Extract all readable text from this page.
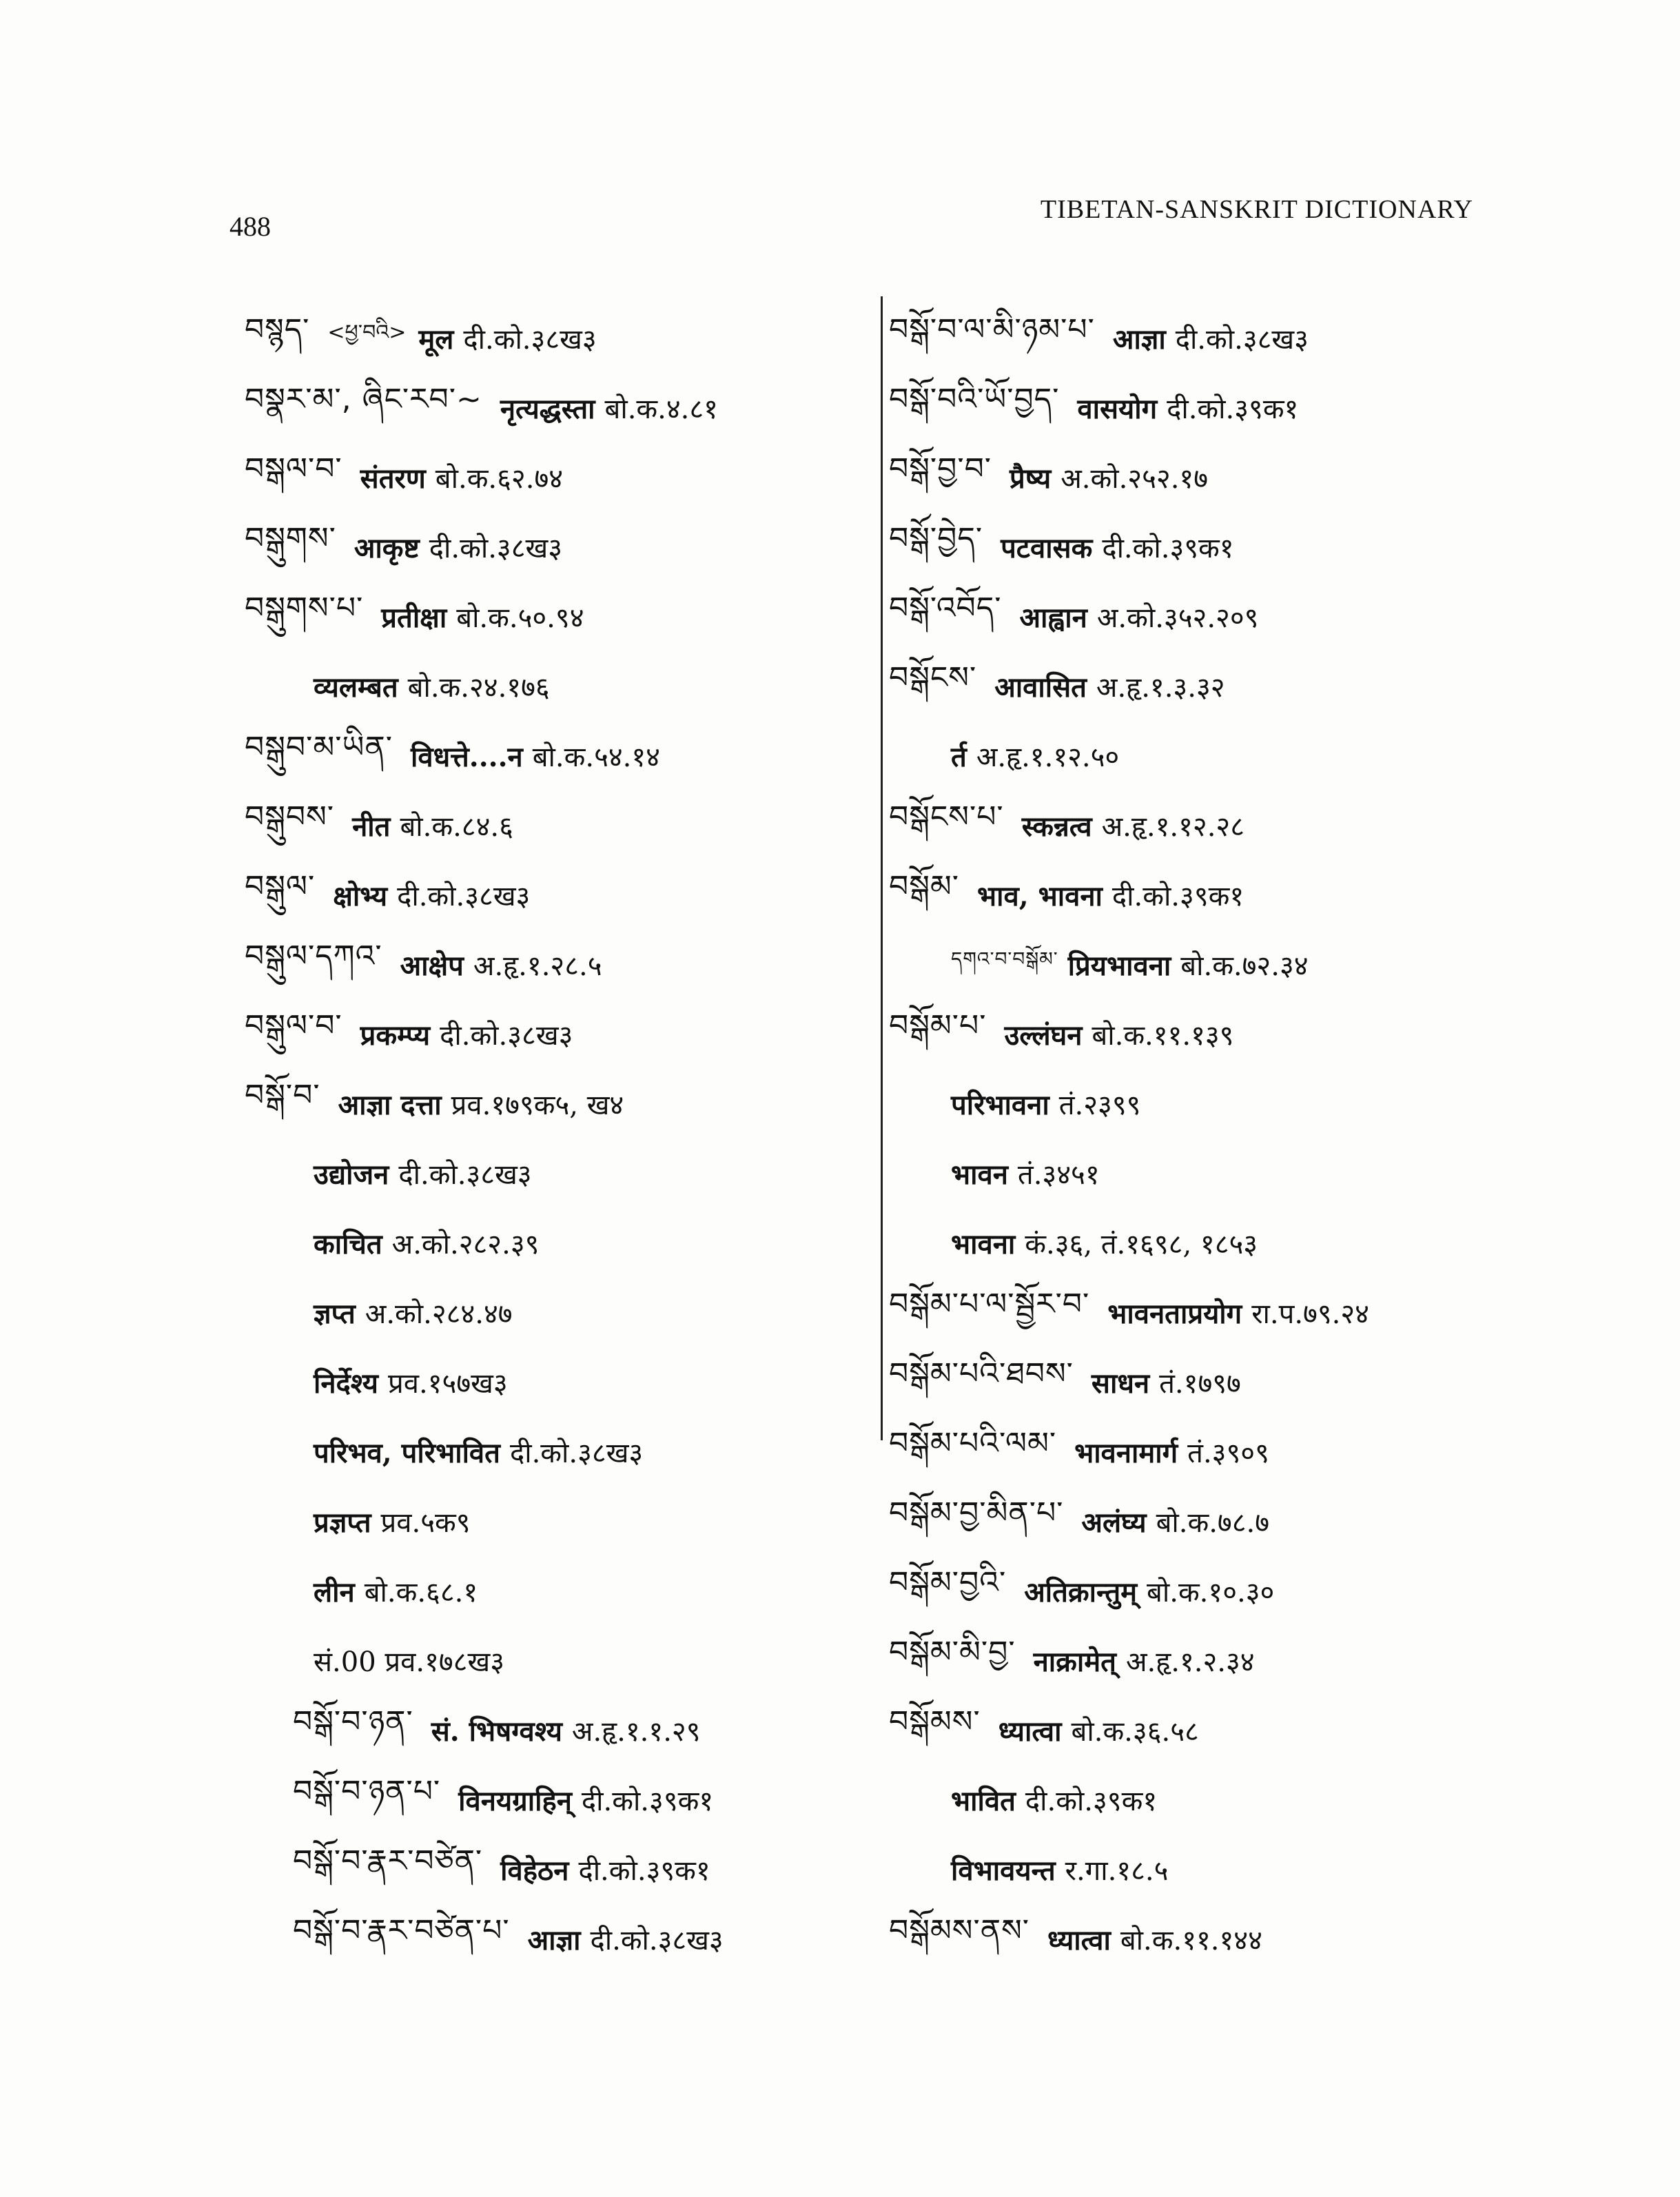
488
TIBETAN-SANSKRIT DICTIONARY
བསྙད་ <ཕྱ་བའི> मूल दी.को.३८ख३
བསྣར་མ་, ཞིང་རབ་~ नृत्यद्धस्ता बो.क.४.८१
བསྒལ་བ་ संतरण बो.क.६२.७४
བསྒུགས་ आकृष्ट दी.को.३८ख३
བསྒུགས་པ་ प्रतीक्षा बो.क.५०.९४
व्यलम्बत बो.क.२४.१७६
བསྒུབ་མ་ཡིན་ विधत्ते....न बो.क.५४.१४
བསྒུབས་ नीत बो.क.८४.६
བསྒུལ་ क्षोभ्य दी.को.३८ख३
བསྒུལ་དཀའ་ आक्षेप अ.हृ.१.२८.५
བསྒུལ་བ་ प्रकम्प्य दी.को.३८ख३
བསྒོ་བ་ आज्ञा दत्ता प्रव.१७९क५, ख४
उद्योजन दी.को.३८ख३
काचित अ.को.२८२.३९
ज्ञप्त अ.को.२८४.४७
निर्देश्य प्रव.१५७ख३
परिभव, परिभावित दी.को.३८ख३
प्रज्ञप्त प्रव.५क९
लीन बो.क.६८.१
सं.00 प्रव.१७८ख३
བསྒོ་བ་ཉན་ सं. भिषग्वश्य अ.हृ.१.१.२९
བསྒོ་བ་ཉན་པ་ विनयग्राहिन् दी.को.३९क१
བསྒོ་བ་རྣར་བཙེན་ विहेठन दी.को.३९क१
བསྒོ་བ་རྣར་བཙེན་པ་ आज्ञा दी.को.३८ख३
བསྒོ་བ་ལ་མི་ཉམ་པ་ आज्ञा दी.को.३८ख३
བསྒོ་བའི་ཡོ་བྱད་ वासयोग दी.को.३९क१
བསྒོ་བྱ་བ་ प्रैष्य अ.को.२५२.१७
བསྒོ་བྱེད་ पटवासक दी.को.३९क१
བསྒོ་འབོད་ आह्वान अ.को.३५२.२०९
བསྒོངས་ आवासित अ.हृ.१.३.३२
र्त अ.हृ.१.१२.५०
བསྒོངས་པ་ स्कन्नत्व अ.हृ.१.१२.२८
བསྒོམ་ भाव, भावना दी.को.३९क१
དགའ་བ་བསྒོམ་ प्रियभावना बो.क.७२.३४
བསྒོམ་པ་ उल्लंघन बो.क.११.१३९
परिभावना तं.२३९९
भावन तं.३४५१
भावना कं.३६, तं.१६९८, १८५३
བསྒོམ་པ་ལ་སྦྱོར་བ་ भावनताप्रयोग रा.प.७९.२४
བསྒོམ་པའི་ཐབས་ साधन तं.१७९७
བསྒོམ་པའི་ལམ་ भावनामार्ग तं.३९०९
བསྒོམ་བྱ་མིན་པ་ अलंघ्य बो.क.७८.७
བསྒོམ་བྱའི་ अतिक्रान्तुम् बो.क.१०.३०
བསྒོམ་མི་བྱ་ नाक्रामेत् अ.हृ.१.२.३४
བསྒོམས་ ध्यात्वा बो.क.३६.५८
भावित दी.को.३९क१
विभावयन्त र.गा.१८.५
བསྒོམས་ནས་ ध्यात्वा बो.क.११.१४४
